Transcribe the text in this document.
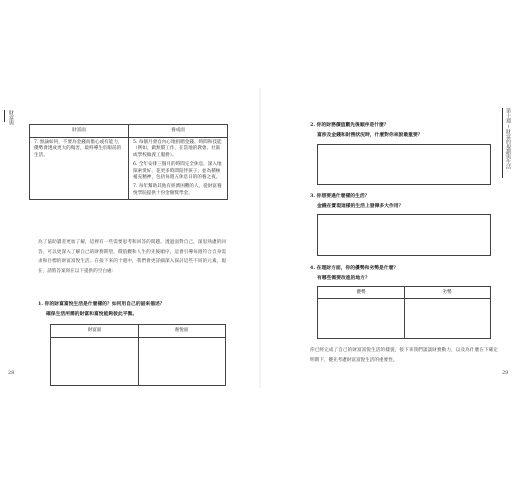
財富與
財富面	養成面

7. 無論如何，不要為金錢而擔心或有能力，優勢會透成更大的傷害，最終導生於眼前的生活。	5. 每個月發自內心地捐贈金錢、時間和技能（例如，做無償工作，在當地的教會、社區或學校做義工服務）。
6. 全年安排三個月的時間完全休息，深入地探索愛好，花更多時間陪伴孩子，並為積極補充精神，包括每週五休息日的的養之夜。
7. 每年幫助其他有經濟困難的人，從財富養悅學院提供十份金額獎學金。
為了協助讀者更加了解，這裡有一些需要思考和回答的問題。透過面對自己，深思熟慮的回答，可以更深入了解自己的財務期望，價值觀和人生的先後順序，這會引導每週符合自身需求和目標的財富富悅生活。在接下來的十週中，我們會更詳細深入探討這些不同的元素，現在，請將答案寫在以下提供的空白處：
1. 你的財富富悅生活是什麼樣的？如何用自己的話來描述？
確保生活所需的財富和富悅能夠彼此平衡。
財富面	養悅面
28
第十週 ─ 財富的規劃與生活
2. 你的財務價值觀先後順序是什麼？
富涉及金錢和財務狀況時，什麼對你來說最重要？
3. 你想要過什麼樣的生活？
金錢在實現這樣的生活上發揮多大作用？
4. 在理財方面，你的優勢和劣勢是什麼？
有哪些需要改進的地方？
優勢	劣勢
你已經完成了自己的財富富悅生活的樣貌，接下來我們談談財務動力，以及為什麼在下確定明期下，優先考慮財富富悅生活的重要性。
29
